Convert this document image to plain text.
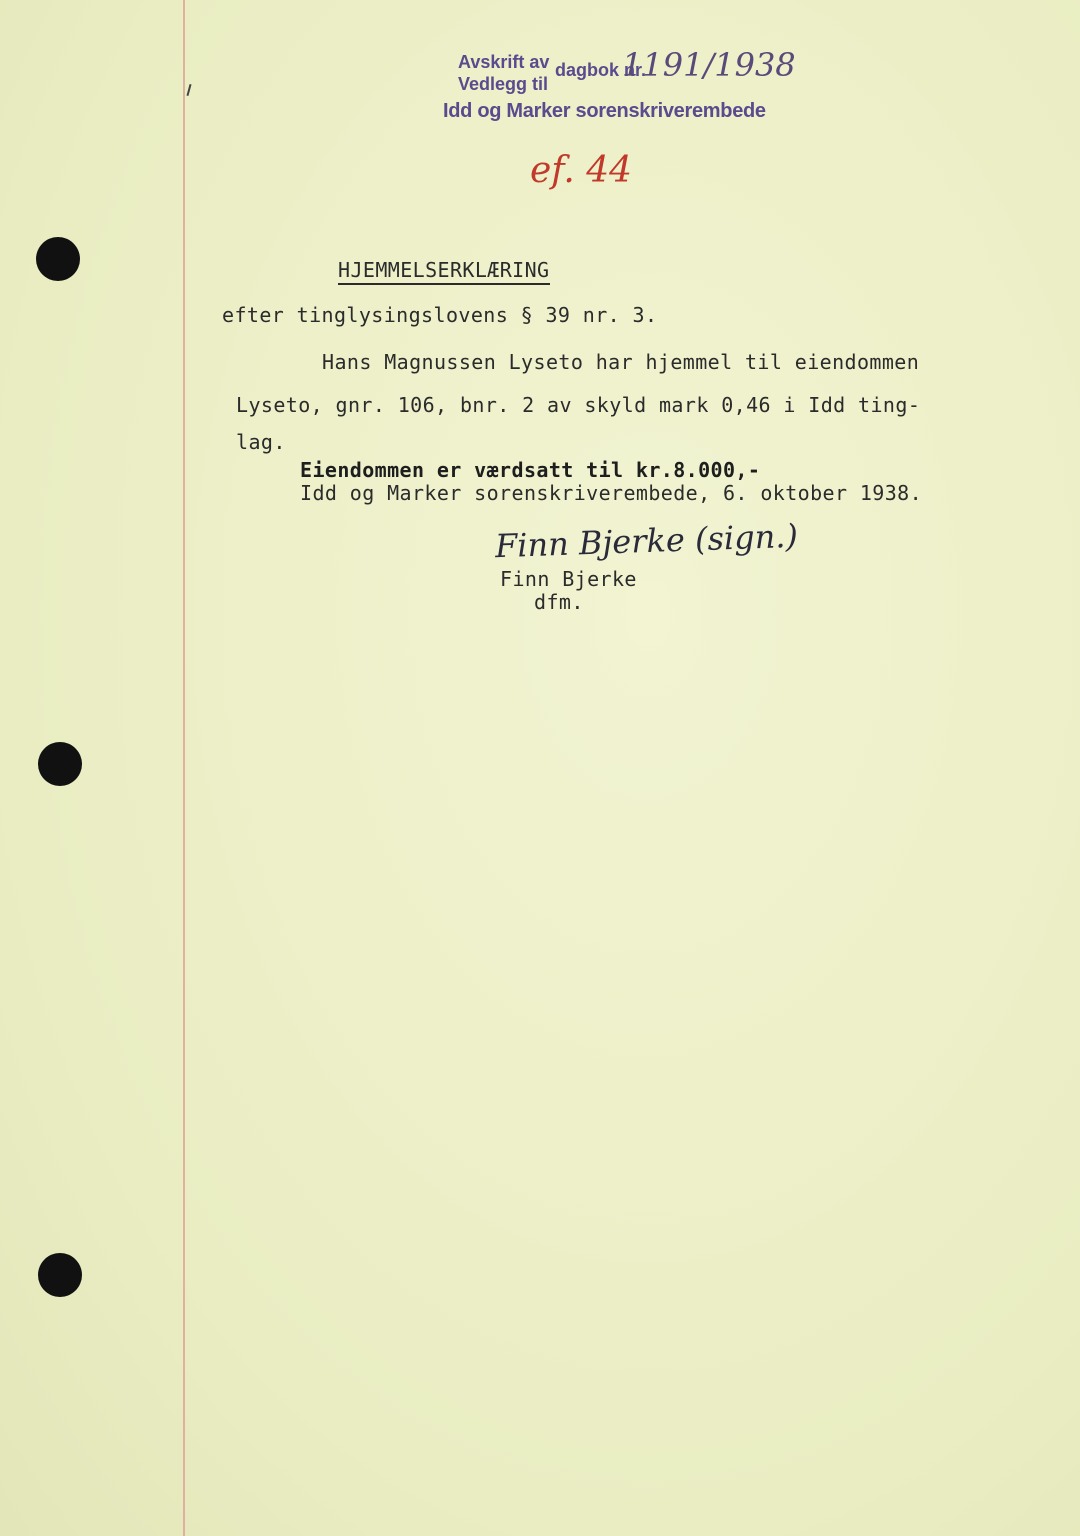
Avskrift av
Vedlegg til
dagbok nr.
1191/1938
Idd og Marker sorenskriverembede
ef. 44
HJEMMELSERKLÆRING
efter tinglysingslovens § 39 nr. 3.
Hans Magnussen Lyseto har hjemmel til eiendommen
Lyseto, gnr. 106, bnr. 2 av skyld mark 0,46 i Idd ting-
lag.
Eiendommen er værdsatt til kr.8.000,-
Idd og Marker sorenskriverembede, 6. oktober 1938.
Finn Bjerke (sign.)
Finn Bjerke
dfm.
